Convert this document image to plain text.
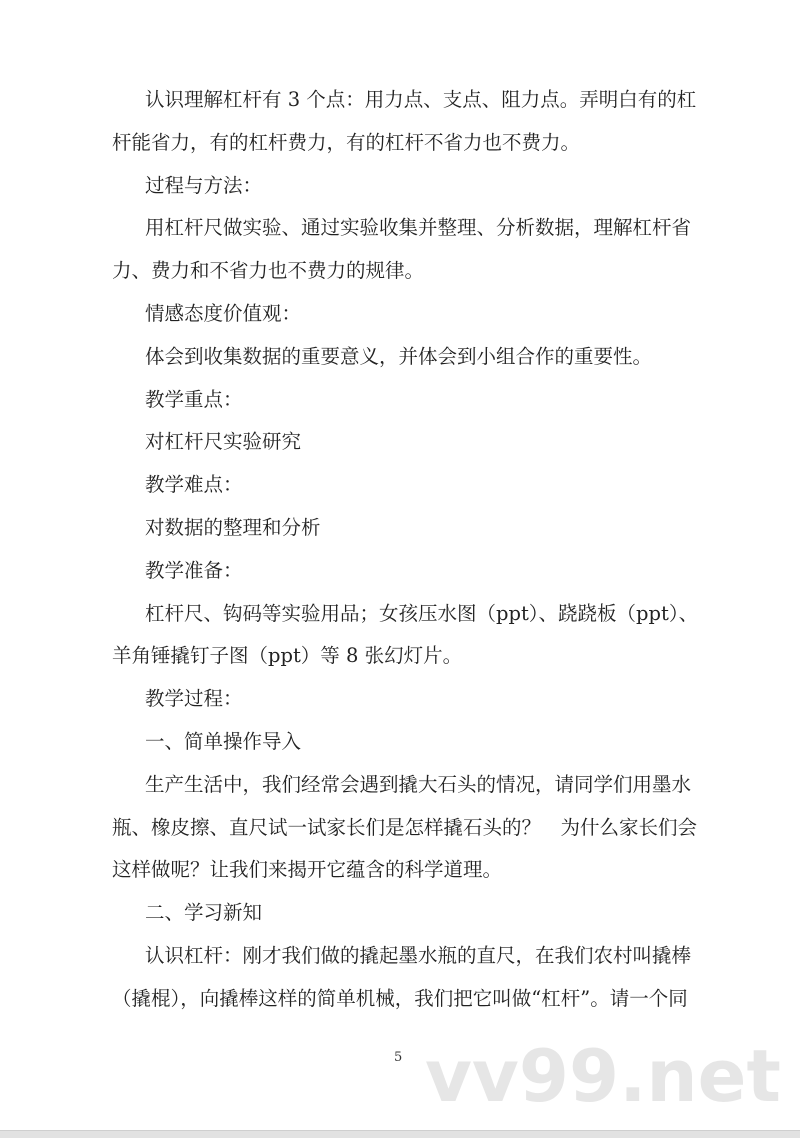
认识理解杠杆有 3 个点：用力点、支点、阻力点。弄明白有的杠
杆能省力，有的杠杆费力，有的杠杆不省力也不费力。
过程与方法：
用杠杆尺做实验、通过实验收集并整理、分析数据，理解杠杆省
力、费力和不省力也不费力的规律。
情感态度价值观：
体会到收集数据的重要意义，并体会到小组合作的重要性。
教学重点：
对杠杆尺实验研究
教学难点：
对数据的整理和分析
教学准备：
杠杆尺、钩码等实验用品；女孩压水图（ppt）、跷跷板（ppt）、
羊角锤撬钉子图（ppt）等 8 张幻灯片。
教学过程：
一、简单操作导入
生产生活中，我们经常会遇到撬大石头的情况，请同学们用墨水
瓶、橡皮擦、直尺试一试家长们是怎样撬石头的？　为什么家长们会
这样做呢？让我们来揭开它蕴含的科学道理。
二、学习新知
认识杠杆：刚才我们做的撬起墨水瓶的直尺，在我们农村叫撬棒
（撬棍），向撬棒这样的简单机械，我们把它叫做“杠杆”。请一个同
vv99.net
5
